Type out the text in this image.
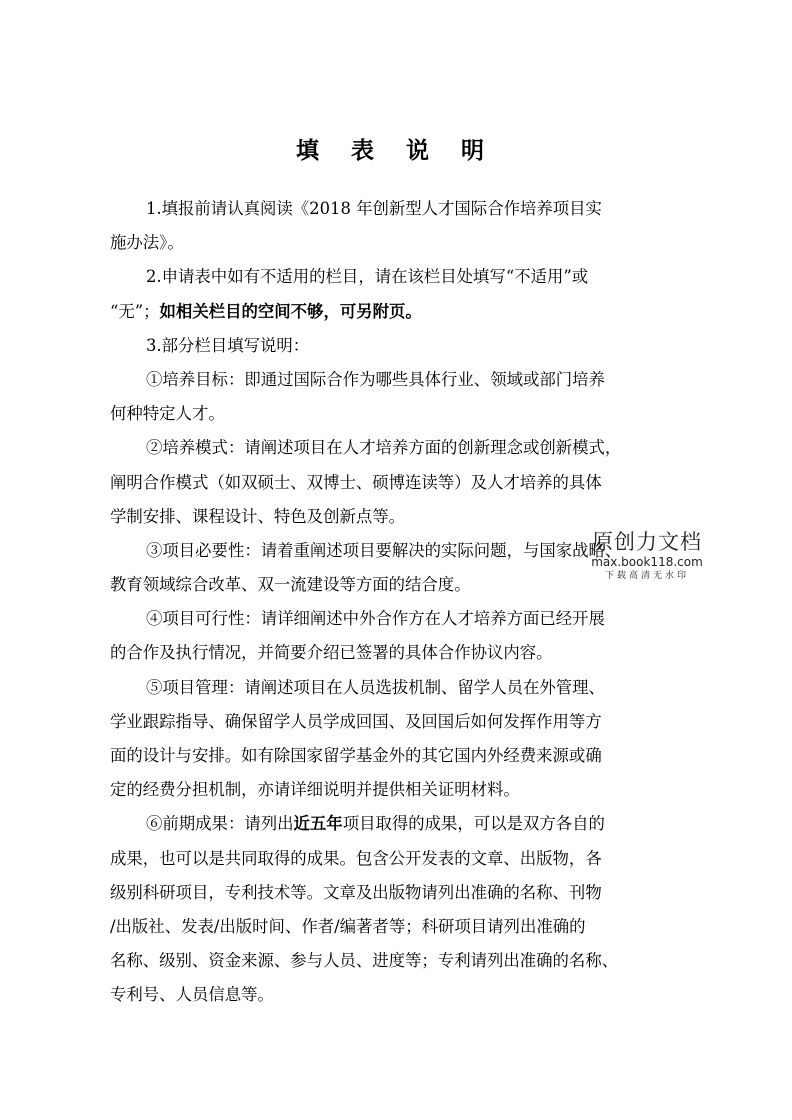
填 表 说 明
1.填报前请认真阅读《2018 年创新型人才国际合作培养项目实
施办法》。
2.申请表中如有不适用的栏目，请在该栏目处填写“不适用”或
“无”；如相关栏目的空间不够，可另附页。
3.部分栏目填写说明：
①培养目标：即通过国际合作为哪些具体行业、领域或部门培养
何种特定人才。
②培养模式：请阐述项目在人才培养方面的创新理念或创新模式，
阐明合作模式（如双硕士、双博士、硕博连读等）及人才培养的具体
学制安排、课程设计、特色及创新点等。
③项目必要性：请着重阐述项目要解决的实际问题，与国家战略、
教育领域综合改革、双一流建设等方面的结合度。
④项目可行性：请详细阐述中外合作方在人才培养方面已经开展
的合作及执行情况，并简要介绍已签署的具体合作协议内容。
⑤项目管理：请阐述项目在人员选拔机制、留学人员在外管理、
学业跟踪指导、确保留学人员学成回国、及回国后如何发挥作用等方
面的设计与安排。如有除国家留学基金外的其它国内外经费来源或确
定的经费分担机制，亦请详细说明并提供相关证明材料。
⑥前期成果：请列出近五年项目取得的成果，可以是双方各自的
成果，也可以是共同取得的成果。包含公开发表的文章、出版物，各
级别科研项目，专利技术等。文章及出版物请列出准确的名称、刊物
/出版社、发表/出版时间、作者/编著者等；科研项目请列出准确的
名称、级别、资金来源、参与人员、进度等；专利请列出准确的名称、
专利号、人员信息等。
原创力文档
max.book118.com
下载高清无水印
